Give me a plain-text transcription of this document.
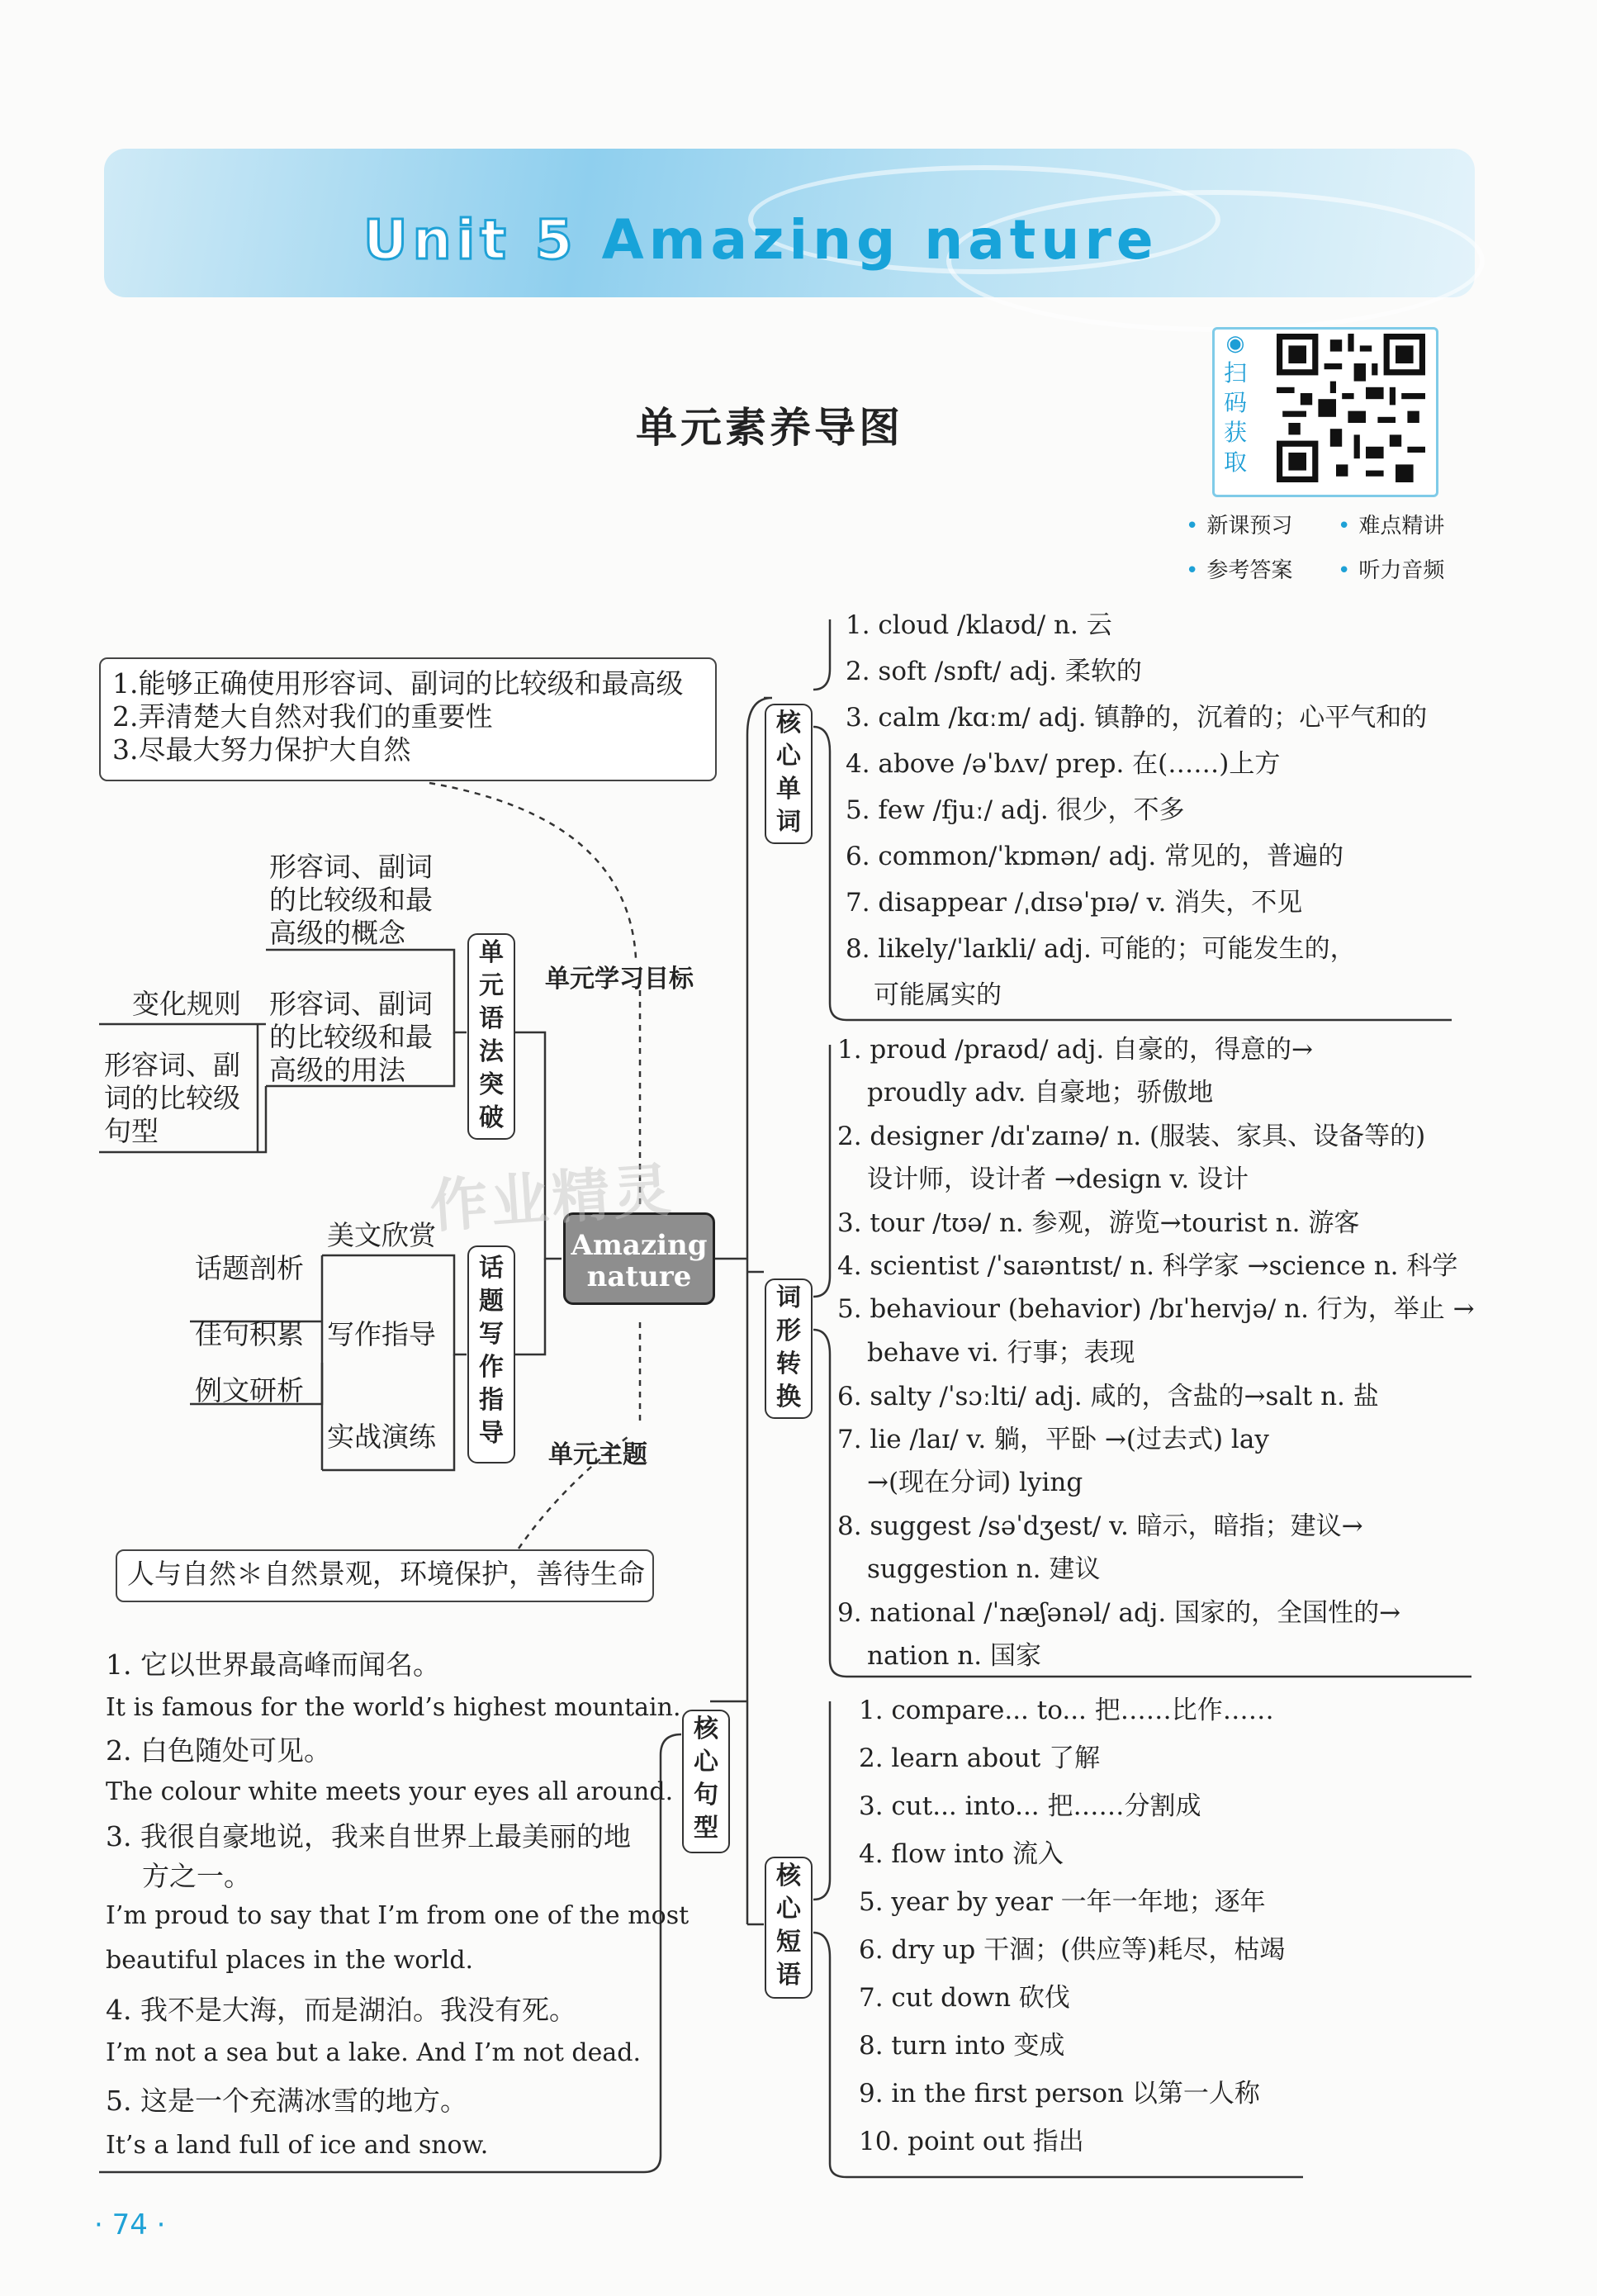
Unit 5 Amazing nature
单元素养导图
◉
扫
码
获
取
• 新课预习 • 难点精讲
• 参考答案 • 听力音频
1.能够正确使用形容词、副词的比较级和最高级
2.弄清楚大自然对我们的重要性
3.尽最大努力保护大自然
单元学习目标
Amazing
nature
单
元
语
法
突
破
形容词、副词
的比较级和最
高级的概念
形容词、副词
的比较级和最
高级的用法
变化规则
形容词、副
词的比较级
句型
话
题
写
作
指
导
美文欣赏
写作指导
实战演练
话题剖析
佳句积累
例文研析
单元主题
人与自然＊自然景观，环境保护，善待生命
核
心
句
型
1. 它以世界最高峰而闻名。
It is famous for the world’s highest mountain.
2. 白色随处可见。
The colour white meets your eyes all around.
3. 我很自豪地说，我来自世界上最美丽的地
方之一。
I’m proud to say that I’m from one of the most
beautiful places in the world.
4. 我不是大海，而是湖泊。我没有死。
I’m not a sea but a lake. And I’m not dead.
5. 这是一个充满冰雪的地方。
It’s a land full of ice and snow.
核
心
单
词
1. cloud /klaʊd/ n. 云
2. soft /sɒft/ adj. 柔软的
3. calm /kɑːm/ adj. 镇静的，沉着的；心平气和的
4. above /əˈbʌv/ prep. 在(……)上方
5. few /fjuː/ adj. 很少，不多
6. common/ˈkɒmən/ adj. 常见的，普遍的
7. disappear /ˌdɪsəˈpɪə/ v. 消失，不见
8. likely/ˈlaɪkli/ adj. 可能的；可能发生的，
可能属实的
词
形
转
换
1. proud /praʊd/ adj. 自豪的，得意的→
proudly adv. 自豪地；骄傲地
2. designer /dɪˈzaɪnə/ n. (服装、家具、设备等的)
设计师，设计者 →design v. 设计
3. tour /tʊə/ n. 参观，游览→tourist n. 游客
4. scientist /ˈsaɪəntɪst/ n. 科学家 →science n. 科学
5. behaviour (behavior) /bɪˈheɪvjə/ n. 行为，举止 →
behave vi. 行事；表现
6. salty /ˈsɔːlti/ adj. 咸的，含盐的→salt n. 盐
7. lie /laɪ/ v. 躺，平卧 →(过去式) lay
→(现在分词) lying
8. suggest /səˈdʒest/ v. 暗示，暗指；建议→
suggestion n. 建议
9. national /ˈnæʃənəl/ adj. 国家的，全国性的→
nation n. 国家
核
心
短
语
1. compare... to... 把……比作……
2. learn about 了解
3. cut... into... 把……分割成
4. flow into 流入
5. year by year 一年一年地；逐年
6. dry up 干涸；(供应等)耗尽，枯竭
7. cut down 砍伐
8. turn into 变成
9. in the first person 以第一人称
10. point out 指出
作业精灵
· 74 ·
